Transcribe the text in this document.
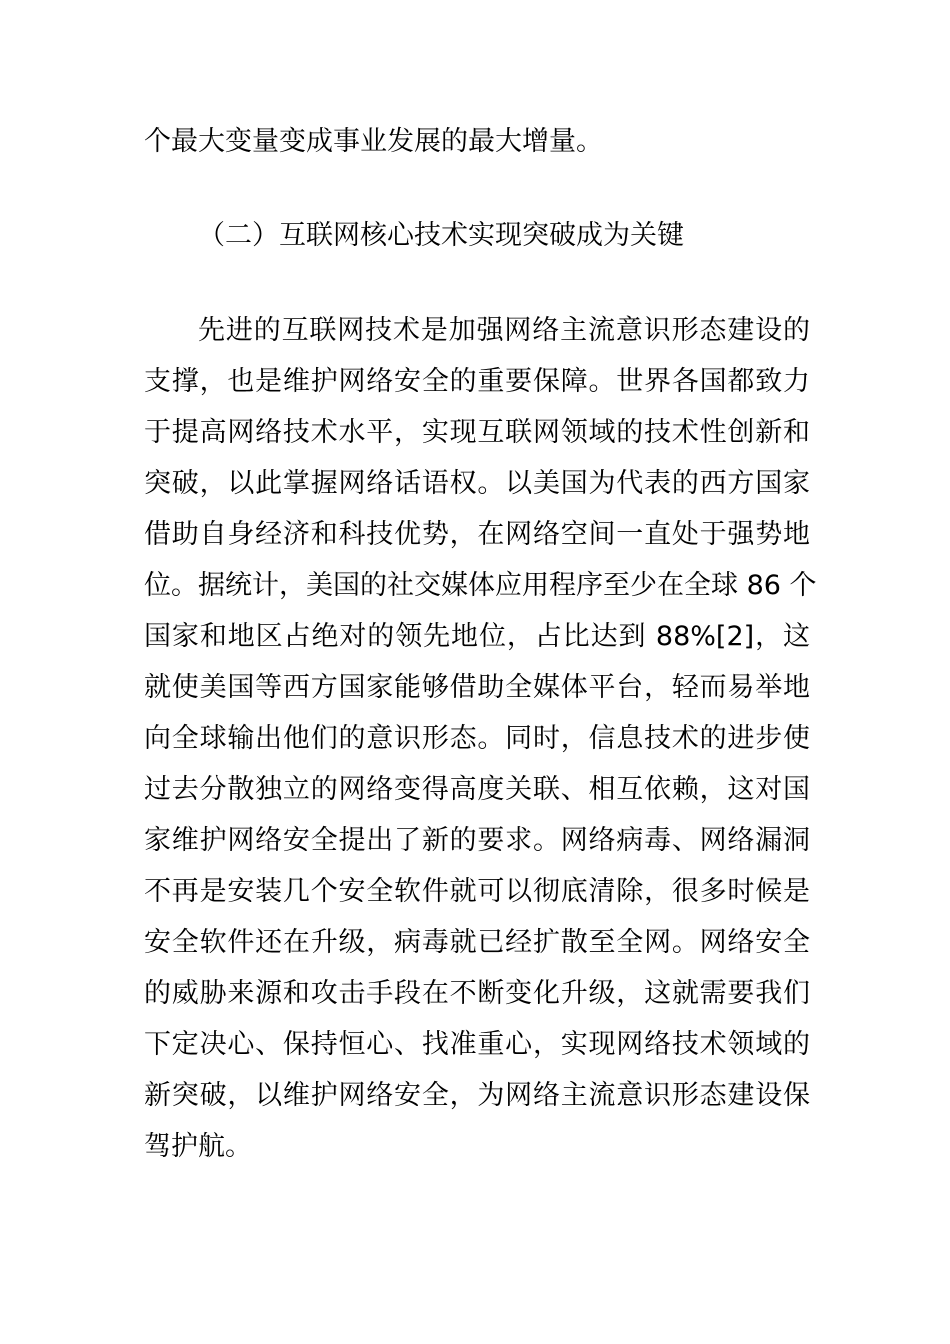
个最大变量变成事业发展的最大增量。
（二）互联网核心技术实现突破成为关键
先进的互联网技术是加强网络主流意识形态建设的
支撑，也是维护网络安全的重要保障。世界各国都致力
于提高网络技术水平，实现互联网领域的技术性创新和
突破，以此掌握网络话语权。以美国为代表的西方国家
借助自身经济和科技优势，在网络空间一直处于强势地
位。据统计，美国的社交媒体应用程序至少在全球 86 个
国家和地区占绝对的领先地位，占比达到 88%[2]，这
就使美国等西方国家能够借助全媒体平台，轻而易举地
向全球输出他们的意识形态。同时，信息技术的进步使
过去分散独立的网络变得高度关联、相互依赖，这对国
家维护网络安全提出了新的要求。网络病毒、网络漏洞
不再是安装几个安全软件就可以彻底清除，很多时候是
安全软件还在升级，病毒就已经扩散至全网。网络安全
的威胁来源和攻击手段在不断变化升级，这就需要我们
下定决心、保持恒心、找准重心，实现网络技术领域的
新突破，以维护网络安全，为网络主流意识形态建设保
驾护航。
